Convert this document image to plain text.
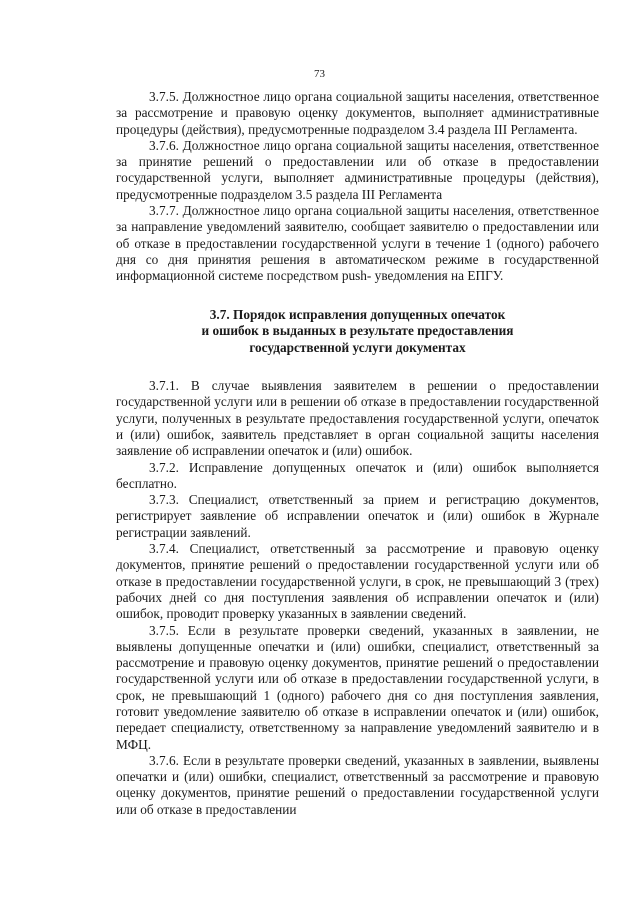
73

3.7.5. Должностное лицо органа социальной защиты населения, ответственное за рассмотрение и правовую оценку документов, выполняет административные процедуры (действия), предусмотренные подразделом 3.4 раздела III Регламента.

3.7.6. Должностное лицо органа социальной защиты населения, ответственное за принятие решений о предоставлении или об отказе в предоставлении государственной услуги, выполняет административные процедуры (действия), предусмотренные подразделом 3.5 раздела III Регламента

3.7.7. Должностное лицо органа социальной защиты населения, ответственное за направление уведомлений заявителю, сообщает заявителю о предоставлении или об отказе в предоставлении государственной услуги в течение 1 (одного) рабочего дня со дня принятия решения в автоматическом режиме в государственной информационной системе посредством push- уведомления на ЕПГУ.

3.7. Порядок исправления допущенных опечаток
и ошибок в выданных в результате предоставления
государственной услуги документах

3.7.1. В случае выявления заявителем в решении о предоставлении государственной услуги или в решении об отказе в предоставлении государственной услуги, полученных в результате предоставления государственной услуги, опечаток и (или) ошибок, заявитель представляет в орган социальной защиты населения заявление об исправлении опечаток и (или) ошибок.

3.7.2. Исправление допущенных опечаток и (или) ошибок выполняется бесплатно.

3.7.3. Специалист, ответственный за прием и регистрацию документов, регистрирует заявление об исправлении опечаток и (или) ошибок в Журнале регистрации заявлений.

3.7.4. Специалист, ответственный за рассмотрение и правовую оценку документов, принятие решений о предоставлении государственной услуги или об отказе в предоставлении государственной услуги, в срок, не превышающий 3 (трех) рабочих дней со дня поступления заявления об исправлении опечаток и (или) ошибок, проводит проверку указанных в заявлении сведений.

3.7.5. Если в результате проверки сведений, указанных в заявлении, не выявлены допущенные опечатки и (или) ошибки, специалист, ответственный за рассмотрение и правовую оценку документов, принятие решений о предоставлении государственной услуги или об отказе в предоставлении государственной услуги, в срок, не превышающий 1 (одного) рабочего дня со дня поступления заявления, готовит уведомление заявителю об отказе в исправлении опечаток и (или) ошибок, передает специалисту, ответственному за направление уведомлений заявителю и в МФЦ.

3.7.6. Если в результате проверки сведений, указанных в заявлении, выявлены опечатки и (или) ошибки, специалист, ответственный за рассмотрение и правовую оценку документов, принятие решений о предоставлении государственной услуги или об отказе в предоставлении
